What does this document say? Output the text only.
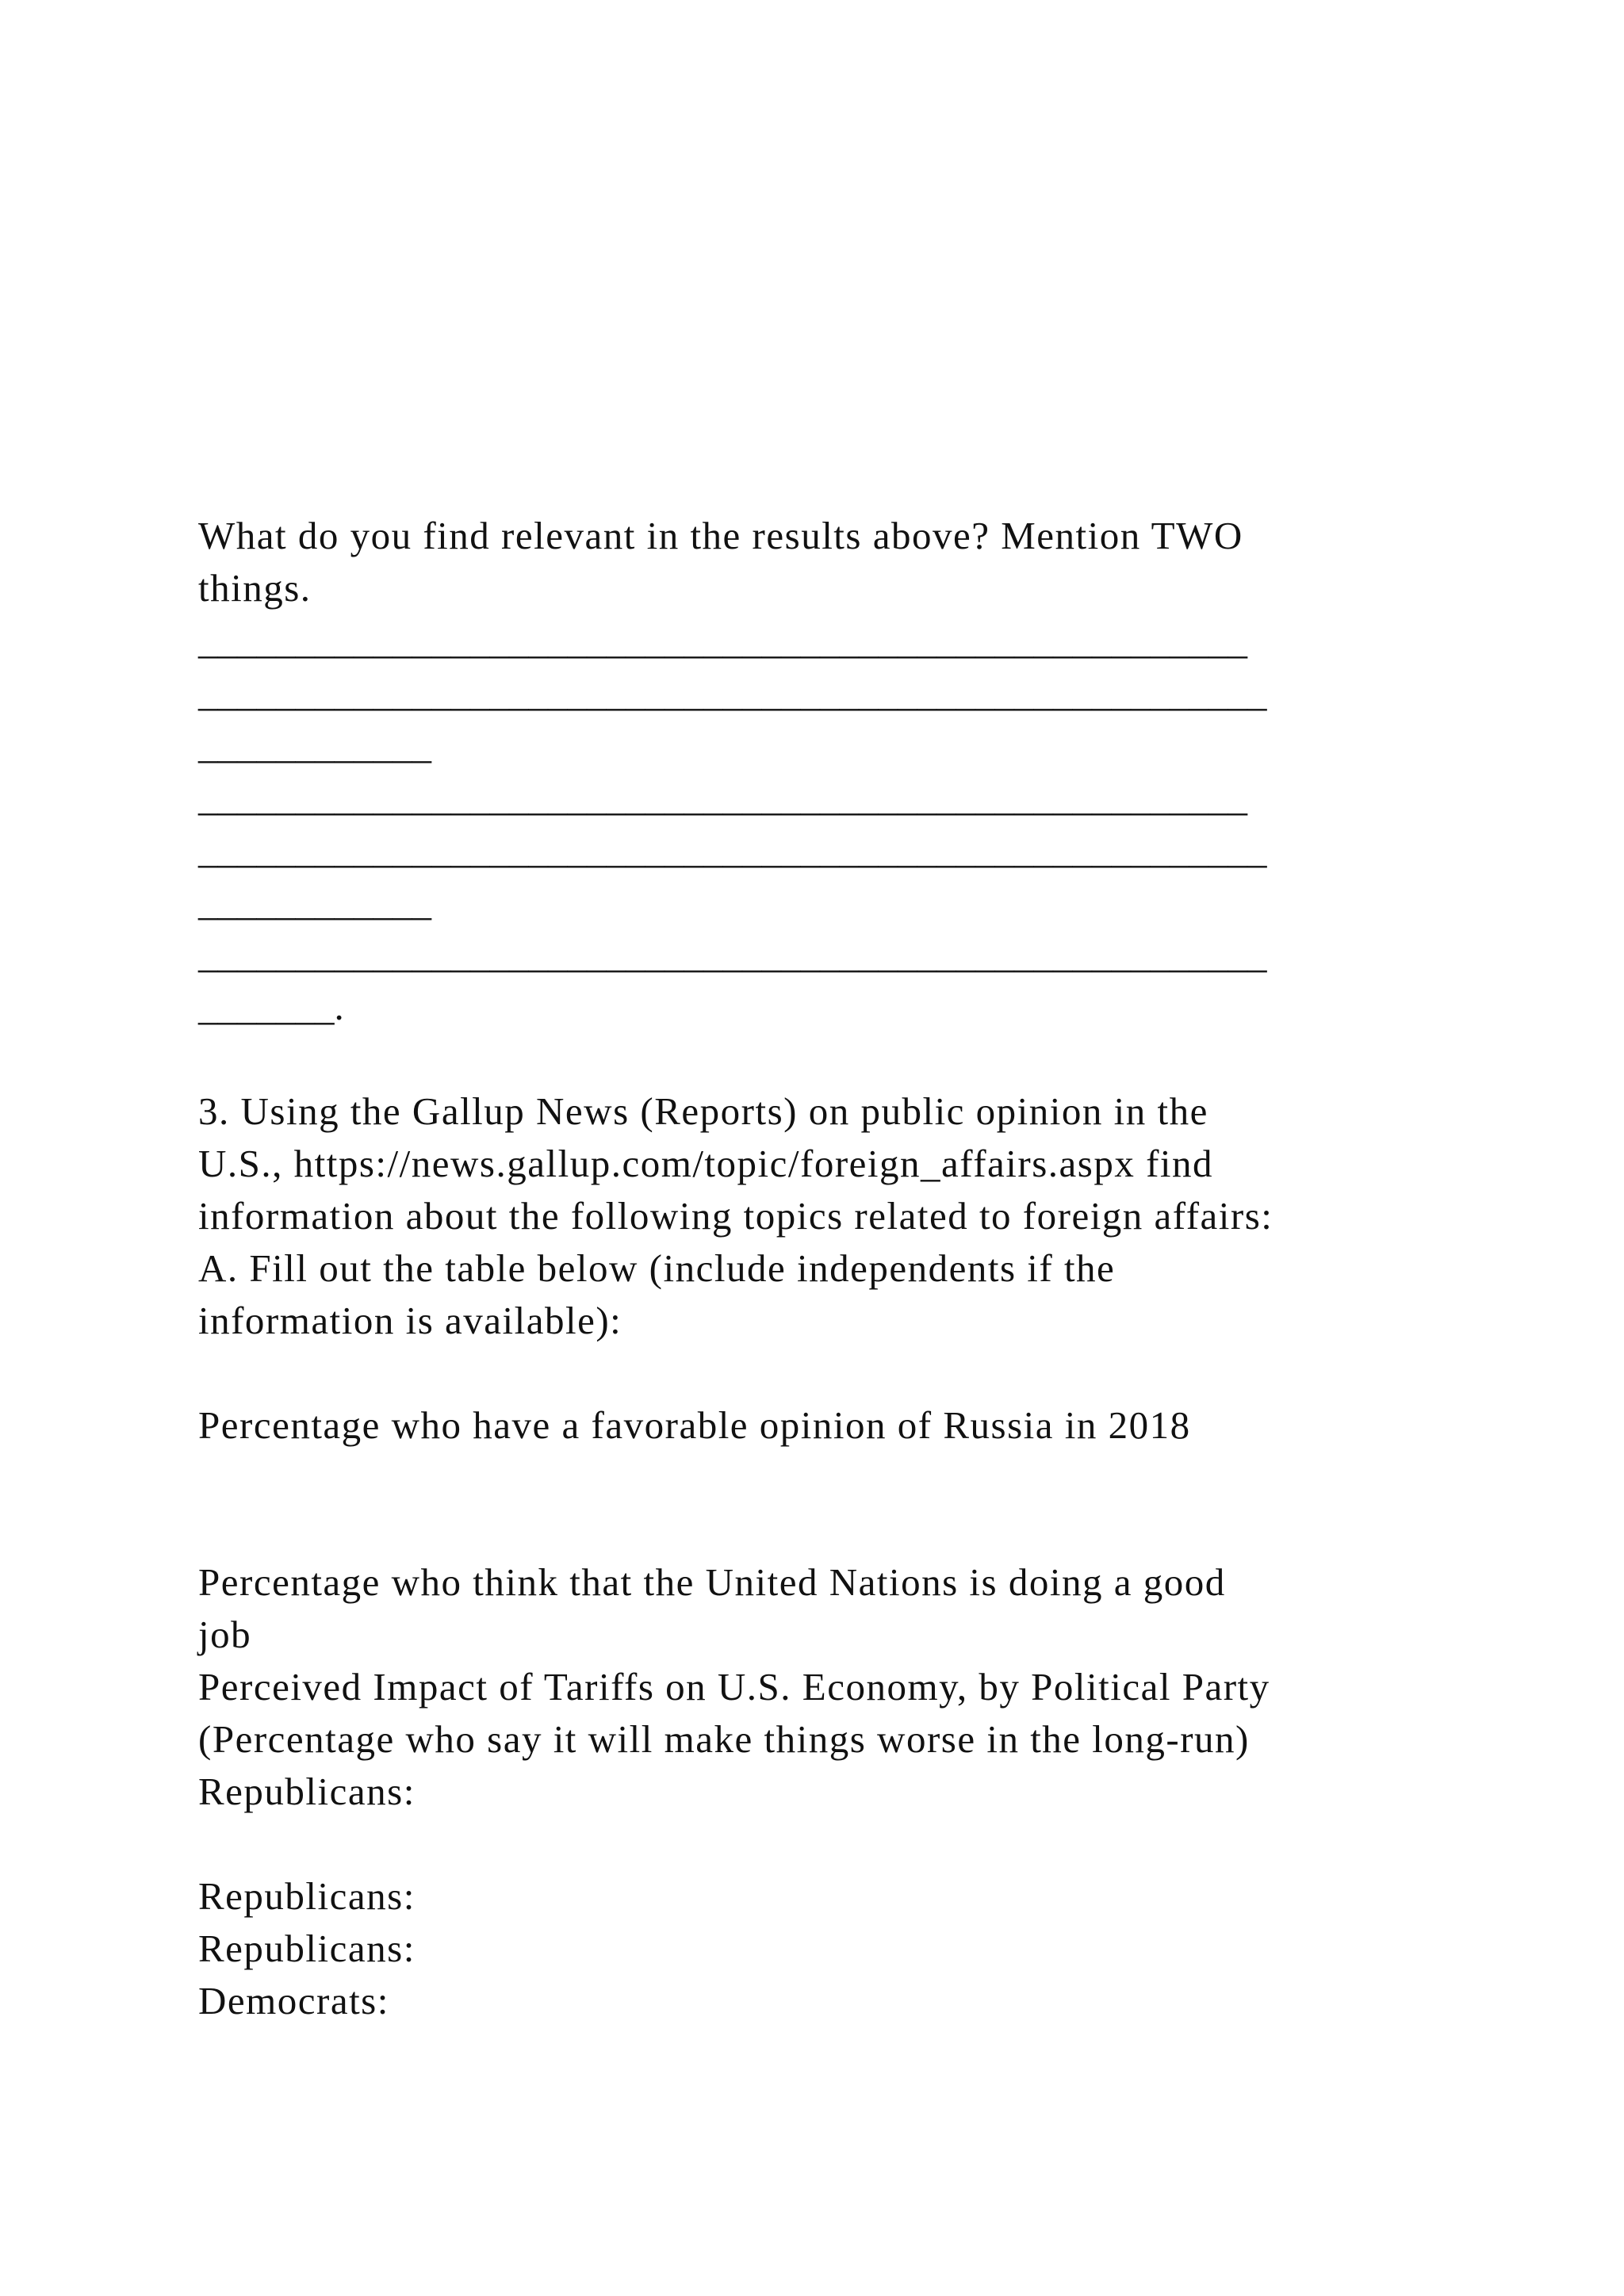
What do you find relevant in the results above? Mention TWO

things.

______________________________________________________

_______________________________________________________

____________

______________________________________________________

_______________________________________________________

____________

_______________________________________________________

_______.

3. Using the Gallup News (Reports) on public opinion in the

U.S., https://news.gallup.com/topic/foreign_affairs.aspx find

information about the following topics related to foreign affairs:

A. Fill out the table below (include independents if the

information is available):

Percentage who have a favorable opinion of Russia in 2018

Percentage who think that the United Nations is doing a good

job

Perceived Impact of Tariffs on U.S. Economy, by Political Party

(Percentage who say it will make things worse in the long-run)

Republicans:

Republicans:

Republicans:

Democrats:
